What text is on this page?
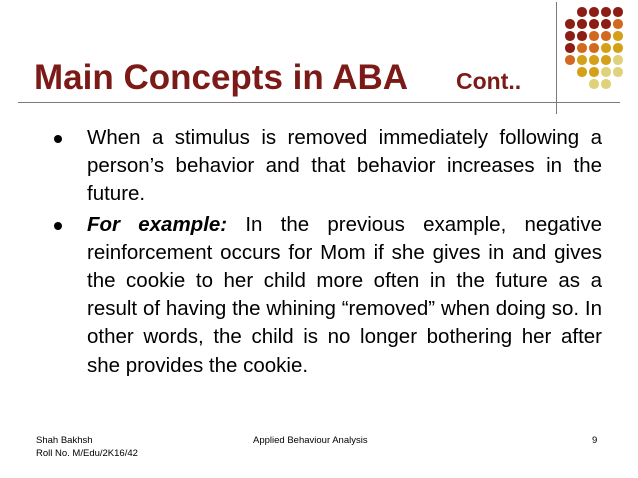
Main Concepts in ABA Cont..

When a stimulus is removed immediately following a person’s behavior and that behavior increases in the future.

For example: In the previous example, negative reinforcement occurs for Mom if she gives in and gives the cookie to her child more often in the future as a result of having the whining “removed” when doing so. In other words, the child is no longer bothering her after she provides the cookie.

Shah Bakhsh
Roll No. M/Edu/2K16/42
Applied Behaviour Analysis	9
